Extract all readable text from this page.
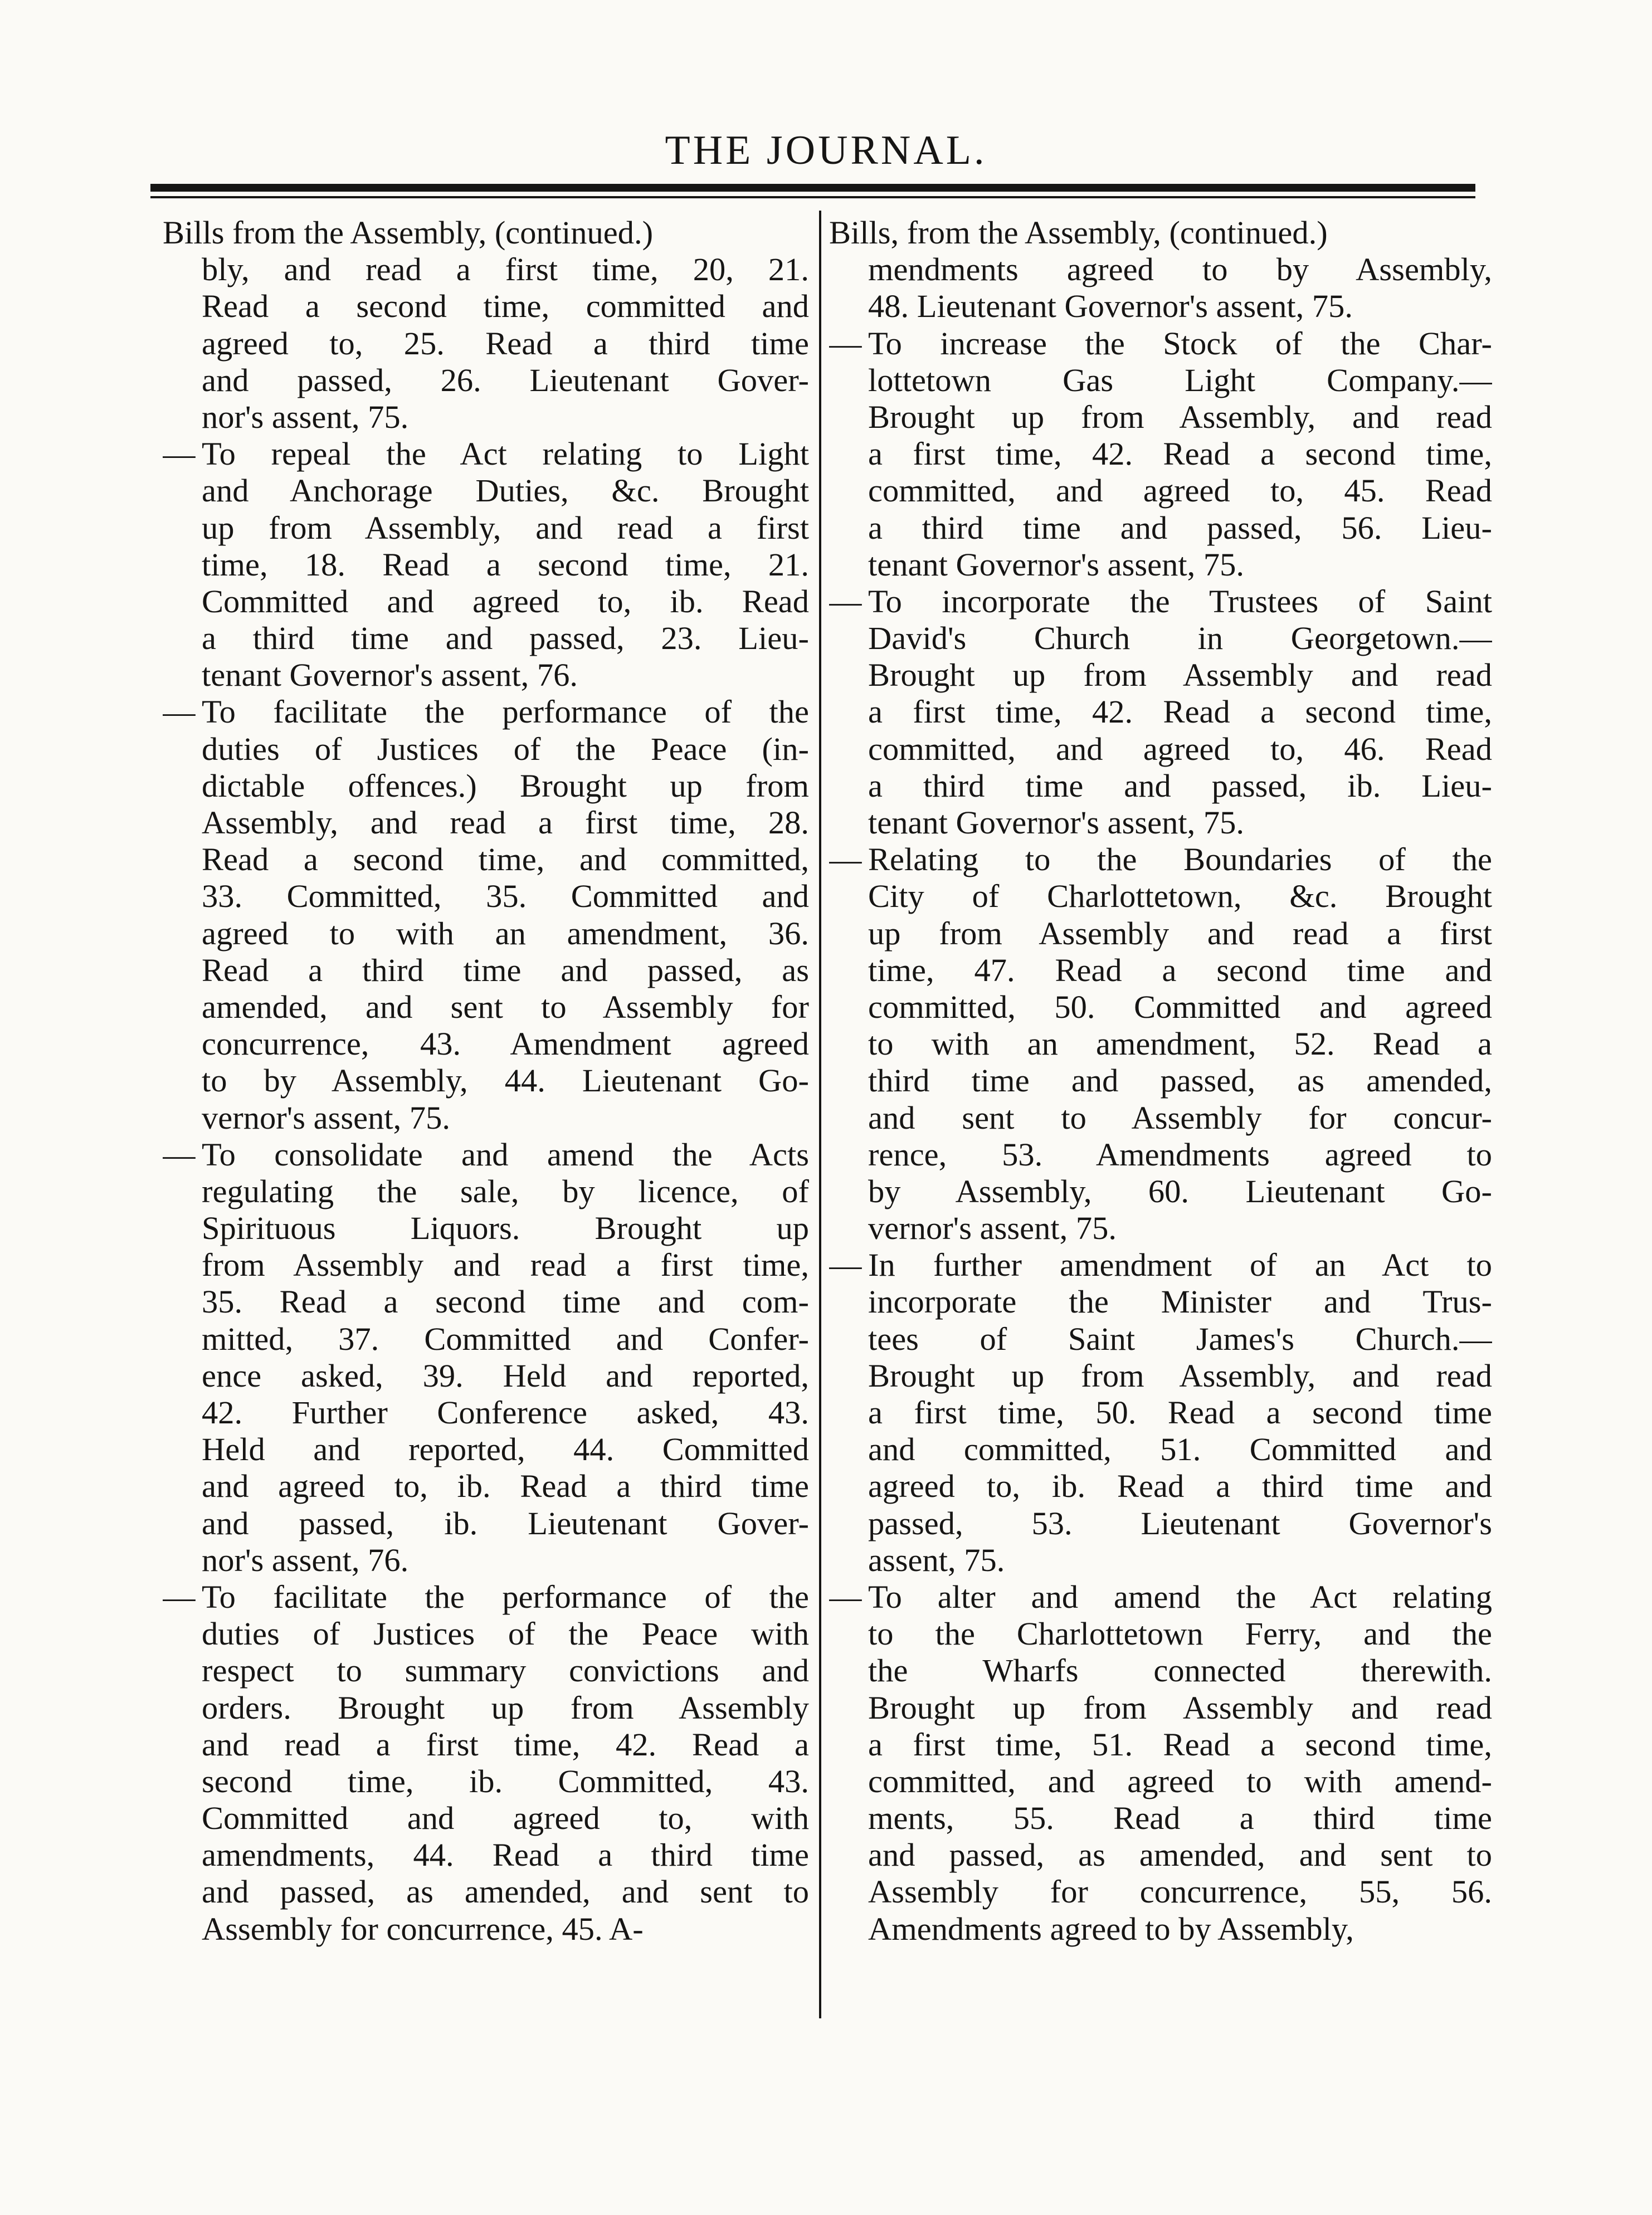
THE JOURNAL.
Bills from the Assembly, (continued.)
bly, and read a first time, 20, 21.
Read a second time, committed and
agreed to, 25. Read a third time
and passed, 26. Lieutenant Gover-
nor's assent, 75.
— To repeal the Act relating to Light
and Anchorage Duties, &c. Brought
up from Assembly, and read a first
time, 18. Read a second time, 21.
Committed and agreed to, ib. Read
a third time and passed, 23. Lieu-
tenant Governor's assent, 76.
— To facilitate the performance of the
duties of Justices of the Peace (in-
dictable offences.) Brought up from
Assembly, and read a first time, 28.
Read a second time, and committed,
33. Committed, 35. Committed and
agreed to with an amendment, 36.
Read a third time and passed, as
amended, and sent to Assembly for
concurrence, 43. Amendment agreed
to by Assembly, 44. Lieutenant Go-
vernor's assent, 75.
— To consolidate and amend the Acts
regulating the sale, by licence, of
Spirituous Liquors. Brought up
from Assembly and read a first time,
35. Read a second time and com-
mitted, 37. Committed and Confer-
ence asked, 39. Held and reported,
42. Further Conference asked, 43.
Held and reported, 44. Committed
and agreed to, ib. Read a third time
and passed, ib. Lieutenant Gover-
nor's assent, 76.
— To facilitate the performance of the
duties of Justices of the Peace with
respect to summary convictions and
orders. Brought up from Assembly
and read a first time, 42. Read a
second time, ib. Committed, 43.
Committed and agreed to, with
amendments, 44. Read a third time
and passed, as amended, and sent to
Assembly for concurrence, 45. A-
Bills, from the Assembly, (continued.)
mendments agreed to by Assembly,
48. Lieutenant Governor's assent, 75.
— To increase the Stock of the Char-
lottetown Gas Light Company.—
Brought up from Assembly, and read
a first time, 42. Read a second time,
committed, and agreed to, 45. Read
a third time and passed, 56. Lieu-
tenant Governor's assent, 75.
— To incorporate the Trustees of Saint
David's Church in Georgetown.—
Brought up from Assembly and read
a first time, 42. Read a second time,
committed, and agreed to, 46. Read
a third time and passed, ib. Lieu-
tenant Governor's assent, 75.
— Relating to the Boundaries of the
City of Charlottetown, &c. Brought
up from Assembly and read a first
time, 47. Read a second time and
committed, 50. Committed and agreed
to with an amendment, 52. Read a
third time and passed, as amended,
and sent to Assembly for concur-
rence, 53. Amendments agreed to
by Assembly, 60. Lieutenant Go-
vernor's assent, 75.
— In further amendment of an Act to
incorporate the Minister and Trus-
tees of Saint James's Church.—
Brought up from Assembly, and read
a first time, 50. Read a second time
and committed, 51. Committed and
agreed to, ib. Read a third time and
passed, 53. Lieutenant Governor's
assent, 75.
— To alter and amend the Act relating
to the Charlottetown Ferry, and the
the Wharfs connected therewith.
Brought up from Assembly and read
a first time, 51. Read a second time,
committed, and agreed to with amend-
ments, 55. Read a third time
and passed, as amended, and sent to
Assembly for concurrence, 55, 56.
Amendments agreed to by Assembly,
